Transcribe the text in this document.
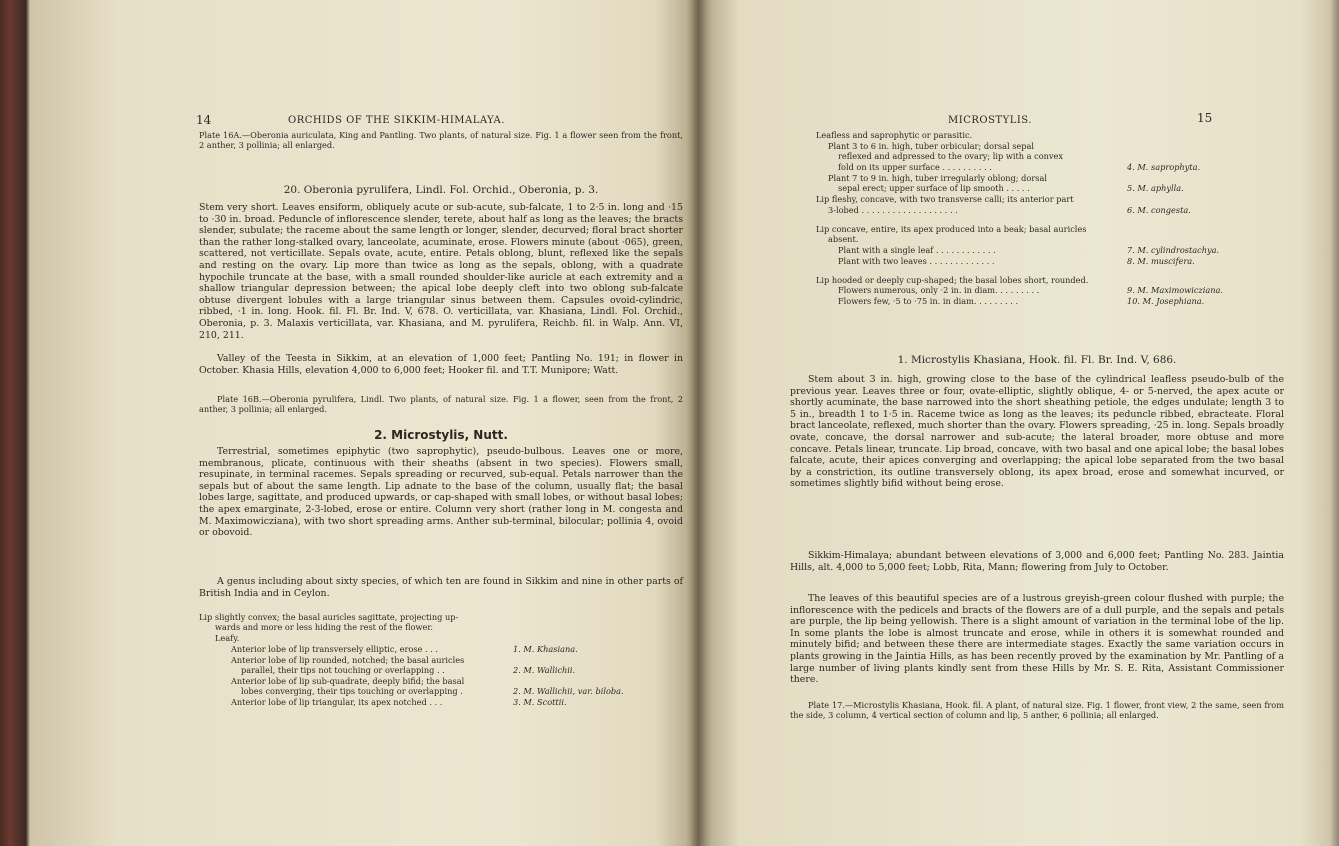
14	ORCHIDS OF THE SIKKIM-HIMALAYA.

Plate 16A.—Oberonia auriculata, King and Pantling. Two plants, of natural size. Fig. 1 a flower seen from the front, 2 anther, 3 pollinia; all enlarged.

20. Oberonia pyrulifera, Lindl. Fol. Orchid., Oberonia, p. 3.

Stem very short. Leaves ensiform, obliquely acute or sub-acute, sub-falcate, 1 to 2·5 in. long and ·15 to ·30 in. broad. Peduncle of inflorescence slender, terete, about half as long as the leaves; the bracts slender, subulate; the raceme about the same length or longer, slender, decurved; floral bract shorter than the rather long-stalked ovary, lanceolate, acuminate, erose. Flowers minute (about ·065), green, scattered, not verticillate. Sepals ovate, acute, entire. Petals oblong, blunt, reflexed like the sepals and resting on the ovary. Lip more than twice as long as the sepals, oblong, with a quadrate hypochile truncate at the base, with a small rounded shoulder-like auricle at each extremity and a shallow triangular depression between; the apical lobe deeply cleft into two oblong sub-falcate obtuse divergent lobules with a large triangular sinus between them. Capsules ovoid-cylindric, ribbed, ·1 in. long. Hook. fil. Fl. Br. Ind. V, 678. O. verticillata, var. Khasiana, Lindl. Fol. Orchid., Oberonia, p. 3. Malaxis verticillata, var. Khasiana, and M. pyrulifera, Reichb. fil. in Walp. Ann. VI, 210, 211.

Valley of the Teesta in Sikkim, at an elevation of 1,000 feet; Pantling No. 191; in flower in October. Khasia Hills, elevation 4,000 to 6,000 feet; Hooker fil. and T.T. Munipore; Watt.

Plate 16B.—Oberonia pyrulifera, Lindl. Two plants, of natural size. Fig. 1 a flower, seen from the front, 2 anther, 3 pollinia; all enlarged.

2. Microstylis, Nutt.

Terrestrial, sometimes epiphytic (two saprophytic), pseudo-bulbous. Leaves one or more, membranous, plicate, continuous with their sheaths (absent in two species). Flowers small, resupinate, in terminal racemes. Sepals spreading or recurved, sub-equal. Petals narrower than the sepals but of about the same length. Lip adnate to the base of the column, usually flat; the basal lobes large, sagittate, and produced upwards, or cap-shaped with small lobes, or without basal lobes; the apex emarginate, 2-3-lobed, erose or entire. Column very short (rather long in M. congesta and M. Maximowicziana), with two short spreading arms. Anther sub-terminal, bilocular; pollinia 4, ovoid or obovoid.

A genus including about sixty species, of which ten are found in Sikkim and nine in other parts of British India and in Ceylon.

Lip slightly convex; the basal auricles sagittate, projecting up-
wards and more or less hiding the rest of the flower.
Leafy.
Anterior lobe of lip transversely elliptic, erose . . .
Anterior lobe of lip rounded, notched; the basal auricles
parallel, their tips not touching or overlapping . .
Anterior lobe of lip sub-quadrate, deeply bifid; the basal
lobes converging, their tips touching or overlapping .
Anterior lobe of lip triangular, its apex notched . . .
1. M. Khasiana.
2. M. Wallichii.
2. M. Wallichii, var. biloba.
3. M. Scottii.
MICROSTYLIS.	15
Leafless and saprophytic or parasitic.
Plant 3 to 6 in. high, tuber orbicular; dorsal sepal
reflexed and adpressed to the ovary; lip with a convex
fold on its upper surface . . . . . . . . . .
Plant 7 to 9 in. high, tuber irregularly oblong; dorsal
sepal erect; upper surface of lip smooth . . . . .
Lip fleshy, concave, with two transverse calli; its anterior part
3-lobed . . . . . . . . . . . . . . . . . . .
Lip concave, entire, its apex produced into a beak; basal auricles
absent.
Plant with a single leaf . . . . . . . . . . . .
Plant with two leaves . . . . . . . . . . . . .
Lip hooded or deeply cup-shaped; the basal lobes short, rounded.
Flowers numerous, only ·2 in. in diam. . . . . . . . .
Flowers few, ·5 to ·75 in. in diam. . . . . . . . .
4. M. saprophyta.
5. M. aphylla.
6. M. congesta.
7. M. cylindrostachya.
8. M. muscifera.
9. M. Maximowicziana.
10. M. Josephiana.
1. Microstylis Khasiana, Hook. fil. Fl. Br. Ind. V, 686.

Stem about 3 in. high, growing close to the base of the cylindrical leafless pseudo-bulb of the previous year. Leaves three or four, ovate-elliptic, slightly oblique, 4- or 5-nerved, the apex acute or shortly acuminate, the base narrowed into the short sheathing petiole, the edges undulate; length 3 to 5 in., breadth 1 to 1·5 in. Raceme twice as long as the leaves; its peduncle ribbed, ebracteate. Floral bract lanceolate, reflexed, much shorter than the ovary. Flowers spreading, ·25 in. long. Sepals broadly ovate, concave, the dorsal narrower and sub-acute; the lateral broader, more obtuse and more concave. Petals linear, truncate. Lip broad, concave, with two basal and one apical lobe; the basal lobes falcate, acute, their apices converging and overlapping; the apical lobe separated from the two basal by a constriction, its outline transversely oblong, its apex broad, erose and somewhat incurved, or sometimes slightly bifid without being erose.

Sikkim-Himalaya; abundant between elevations of 3,000 and 6,000 feet; Pantling No. 283. Jaintia Hills, alt. 4,000 to 5,000 feet; Lobb, Rita, Mann; flowering from July to October.

The leaves of this beautiful species are of a lustrous greyish-green colour flushed with purple; the inflorescence with the pedicels and bracts of the flowers are of a dull purple, and the sepals and petals are purple, the lip being yellowish. There is a slight amount of variation in the terminal lobe of the lip. In some plants the lobe is almost truncate and erose, while in others it is somewhat rounded and minutely bifid; and between these there are intermediate stages. Exactly the same variation occurs in plants growing in the Jaintia Hills, as has been recently proved by the examination by Mr. Pantling of a large number of living plants kindly sent from these Hills by Mr. S. E. Rita, Assistant Commissioner there.

Plate 17.—Microstylis Khasiana, Hook. fil. A plant, of natural size. Fig. 1 flower, front view, 2 the same, seen from the side, 3 column, 4 vertical section of column and lip, 5 anther, 6 pollinia; all enlarged.
